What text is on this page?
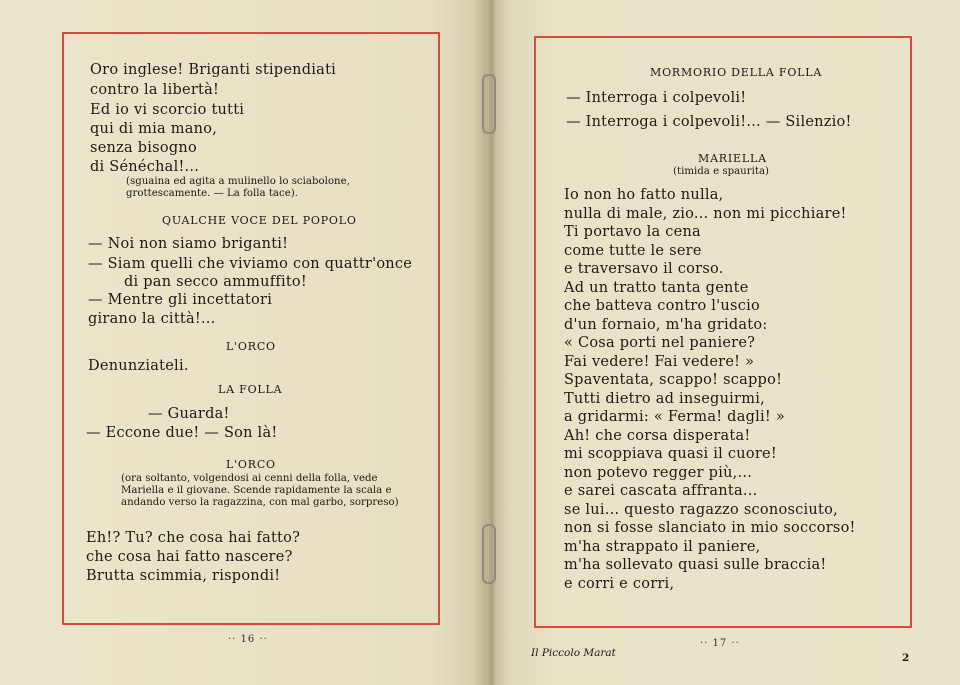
Oro inglese! Briganti stipendiati
contro la libertà!
Ed io vi scorcio tutti
qui di mia mano,
senza bisogno
di Sénéchal!...
(sguaina ed agita a mulinello lo sciabolone, grottescamente. — La folla tace).
QUALCHE VOCE DEL POPOLO
— Noi non siamo briganti!
— Siam quelli che viviamo con quattr'once
di pan secco ammuffito!
— Mentre gli incettatori
girano la città!...
L'ORCO
Denunziateli.
LA FOLLA
— Guarda!
— Eccone due! — Son là!
L'ORCO
(ora soltanto, volgendosi ai cenni della folla, vede Mariella e il giovane. Scende rapidamente la scala e andando verso la ragazzina, con mal garbo, sorpreso)
Eh!? Tu? che cosa hai fatto?
che cosa hai fatto nascere?
Brutta scimmia, rispondi!
·· 16 ··
MORMORIO DELLA FOLLA
— Interroga i colpevoli!
— Interroga i colpevoli!... — Silenzio!
MARIELLA
(timida e spaurita)
Io non ho fatto nulla,
nulla di male, zio... non mi picchiare!
Ti portavo la cena
come tutte le sere
e traversavo il corso.
Ad un tratto tanta gente
che batteva contro l'uscio
d'un fornaio, m'ha gridato:
« Cosa porti nel paniere?
Fai vedere! Fai vedere! »
Spaventata, scappo! scappo!
Tutti dietro ad inseguirmi,
a gridarmi: « Ferma! dagli! »
Ah! che corsa disperata!
mi scoppiava quasi il cuore!
non potevo regger più,...
e sarei cascata affranta...
se lui... questo ragazzo sconosciuto,
non si fosse slanciato in mio soccorso!
m'ha strappato il paniere,
m'ha sollevato quasi sulle braccia!
e corri e corri,
·· 17 ··
Il Piccolo Marat	2
